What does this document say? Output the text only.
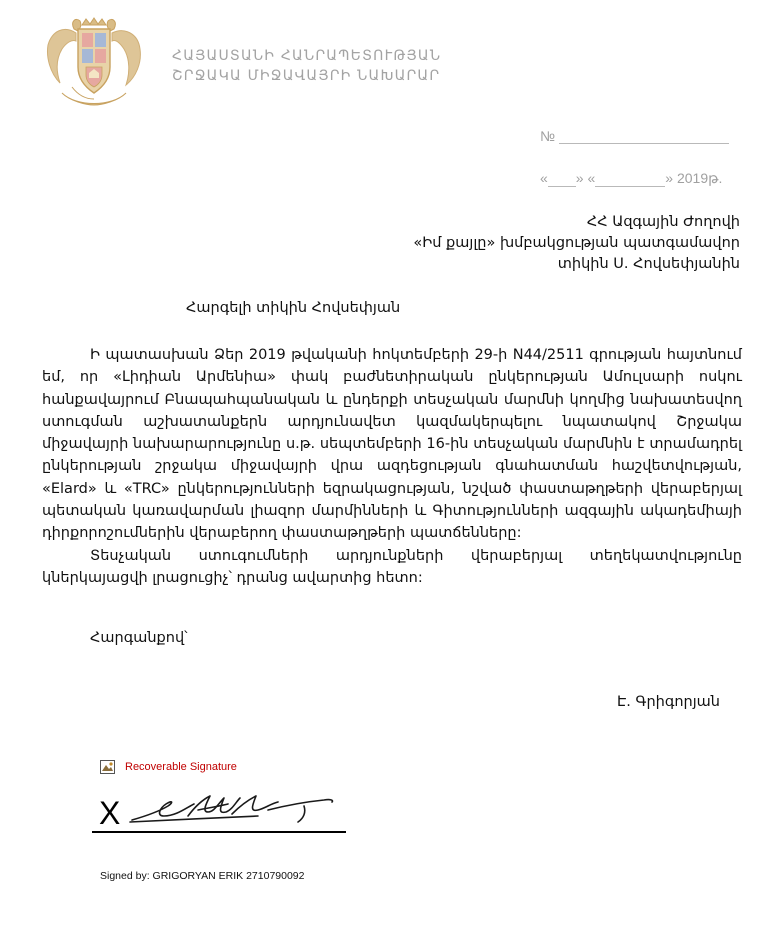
ՀԱՅԱՍՏԱՆԻ ՀԱՆՐԱՊԵՏՈՒԹՅԱՆ
ՇՐՋԱԿԱ ՄԻՋԱՎԱՅՐԻ ՆԱԽԱՐԱՐ
№
« » «	» 2019թ.
ՀՀ Ազգային Ժողովի
«Իմ քայլը» խմբակցության պատգամավոր
տիկին Ս. Հովսեփյանին
Հարգելի տիկին Հովսեփյան

Ի պատասխան Ձեր 2019 թվականի հոկտեմբերի 29-ի N44/2511 գրության հայտնում եմ, որ «Լիդիան Արմենիա» փակ բաժնետիրական ընկերության Ամուլսարի ոսկու հանքավայրում Բնապահպանական և ընդերքի տեսչական մարմնի կողմից նախատեսվող ստուգման աշխատանքերն արդյունավետ կազմակերպելու նպատակով Շրջակա միջավայրի նախարարությունը ս.թ. սեպտեմբերի 16-ին տեսչական մարմնին է տրամադրել ընկերության շրջակա միջավայրի վրա ազդեցության գնահատման հաշվետվության, «Elard» և «TRC» ընկերությունների եզրակացության, նշված փաստաթղթերի վերաբերյալ պետական կառավարման լիազոր մարմինների և Գիտությունների ազգային ակադեմիայի դիրքորոշումներին վերաբերող փաստաթղթերի պատճենները:

Տեսչական ստուգումների արդյունքների վերաբերյալ տեղեկատվությունը կներկայացվի լրացուցիչ՝ դրանց ավարտից հետո:

Հարգանքով՝
Է. Գրիգորյան
Recoverable Signature
X
Signed by: GRIGORYAN ERIK 2710790092
